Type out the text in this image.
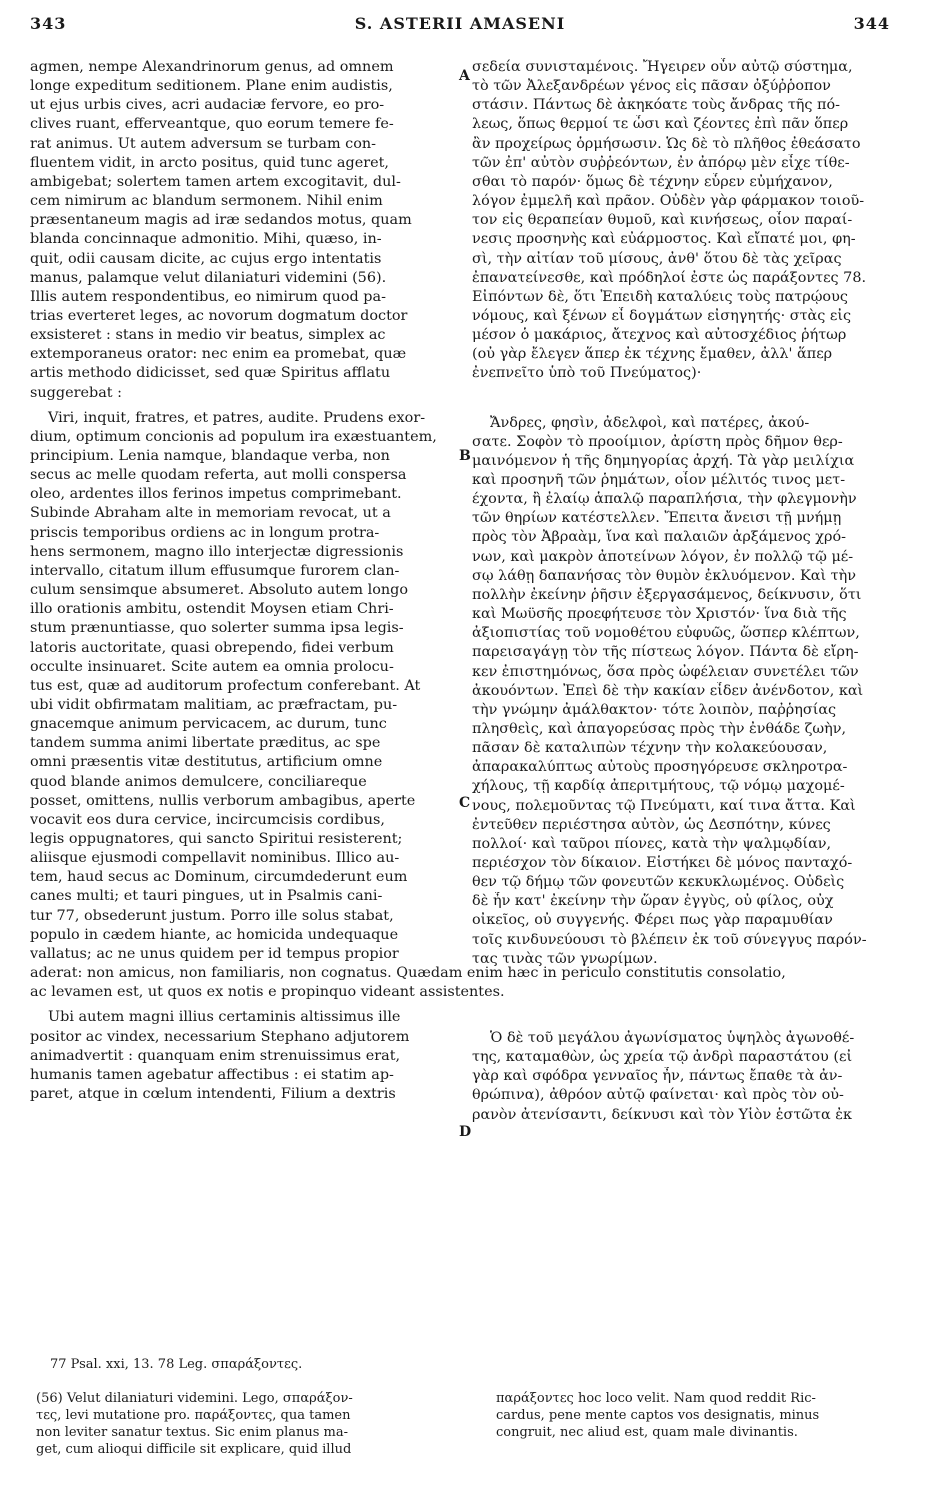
343	S. ASTERII AMASENI	344
agmen, nempe Alexandrinorum genus, ad omnem
longe expeditum seditionem. Plane enim audistis,
ut ejus urbis cives, acri audaciæ fervore, eo pro-
clives ruant, efferveantque, quo eorum temere fe-
rat animus. Ut autem adversum se turbam con-
fluentem vidit, in arcto positus, quid tunc ageret,
ambigebat; solertem tamen artem excogitavit, dul-
cem nimirum ac blandum sermonem. Nihil enim
præsentaneum magis ad iræ sedandos motus, quam
blanda concinnaque admonitio. Mihi, quæso, in-
quit, odii causam dicite, ac cujus ergo intentatis
manus, palamque velut dilaniaturi videmini (56).
Illis autem respondentibus, eo nimirum quod pa-
trias everteret leges, ac novorum dogmatum doctor
exsisteret : stans in medio vir beatus, simplex ac
extemporaneus orator: nec enim ea promebat, quæ
artis methodo didicisset, sed quæ Spiritus afflatu
suggerebat :
Viri, inquit, fratres, et patres, audite. Prudens exor-
dium, optimum concionis ad populum ira exæstuantem,
principium. Lenia namque, blandaque verba, non
secus ac melle quodam referta, aut molli conspersa
oleo, ardentes illos ferinos impetus comprimebant.
Subinde Abraham alte in memoriam revocat, ut a
priscis temporibus ordiens ac in longum protra-
hens sermonem, magno illo interjectæ digressionis
intervallo, citatum illum effusumque furorem clan-
culum sensimque absumeret. Absoluto autem longo
illo orationis ambitu, ostendit Moysen etiam Chri-
stum prænuntiasse, quo solerter summa ipsa legis-
latoris auctoritate, quasi obrependo, fidei verbum
occulte insinuaret. Scite autem ea omnia prolocu-
tus est, quæ ad auditorum profectum conferebant. At
ubi vidit obfirmatam malitiam, ac præfractam, pu-
gnacemque animum pervicacem, ac durum, tunc
tandem summa animi libertate præditus, ac spe
omni præsentis vitæ destitutus, artificium omne
quod blande animos demulcere, conciliareque
posset, omittens, nullis verborum ambagibus, aperte
vocavit eos dura cervice, incircumcisis cordibus,
legis oppugnatores, qui sancto Spiritui resisterent;
aliisque ejusmodi compellavit nominibus. Illico au-
tem, haud secus ac Dominum, circumdederunt eum
canes multi; et tauri pingues, ut in Psalmis cani-
tur 77, obsederunt justum. Porro ille solus stabat,
populo in cædem hiante, ac homicida undequaque
vallatus; ac ne unus quidem per id tempus propior
aderat: non amicus, non familiaris, non cognatus. Quædam enim hæc in periculo constitutis consolatio,
ac levamen est, ut quos ex notis e propinquo videant assistentes.
Ubi autem magni illius certaminis altissimus ille
positor ac vindex, necessarium Stephano adjutorem
animadvertit : quanquam enim strenuissimus erat,
humanis tamen agebatur affectibus : ei statim ap-
paret, atque in cœlum intendenti, Filium a dextris
σεδεία συνισταμένοις. Ἤγειρεν οὖν αὐτῷ σύστημα,
τὸ τῶν Ἀλεξανδρέων γένος εἰς πᾶσαν ὀξύῤῥοπον
στάσιν. Πάντως δὲ ἀκηκόατε τοὺς ἄνδρας τῆς πό-
λεως, ὅπως θερμοί τε ὦσι καὶ ζέοντες ἐπὶ πᾶν ὅπερ
ἂν προχείρως ὁρμήσωσιν. Ὡς δὲ τὸ πλῆθος ἐθεάσατο
τῶν ἐπ' αὐτὸν συῤῥεόντων, ἐν ἀπόρῳ μὲν εἶχε τίθε-
σθαι τὸ παρόν· ὅμως δὲ τέχνην εὗρεν εὐμήχανον,
λόγον ἐμμελῆ καὶ πρᾶον. Οὐδὲν γὰρ φάρμακον τοιοῦ-
τον εἰς θεραπείαν θυμοῦ, καὶ κινήσεως, οἷον παραί-
νεσις προσηνὴς καὶ εὐάρμοστος. Καὶ εἴπατέ μοι, φη-
σὶ, τὴν αἰτίαν τοῦ μίσους, ἀνθ' ὅτου δὲ τὰς χεῖρας
ἐπανατείνεσθε, καὶ πρόδηλοί ἐστε ὡς παράξοντες 78.
Εἰπόντων δὲ, ὅτι Ἐπειδὴ καταλύεις τοὺς πατρῴους
νόμους, καὶ ξένων εἶ δογμάτων εἰσηγητής· στὰς εἰς
μέσον ὁ μακάριος, ἄτεχνος καὶ αὐτοσχέδιος ῥήτωρ
(οὐ γὰρ ἔλεγεν ἅπερ ἐκ τέχνης ἔμαθεν, ἀλλ' ἅπερ
ἐνεπνεῖτο ὑπὸ τοῦ Πνεύματος)·
Ἄνδρες, φησὶν, ἀδελφοὶ, καὶ πατέρες, ἀκού-
σατε. Σοφὸν τὸ προοίμιον, ἀρίστη πρὸς δῆμον θερ-
μαινόμενον ἡ τῆς δημηγορίας ἀρχή. Τὰ γὰρ μειλίχια
καὶ προσηνῆ τῶν ῥημάτων, οἷον μέλιτός τινος μετ-
έχοντα, ἢ ἐλαίῳ ἁπαλῷ παραπλήσια, τὴν φλεγμονὴν
τῶν θηρίων κατέστελλεν. Ἔπειτα ἄνεισι τῇ μνήμῃ
πρὸς τὸν Ἀβραὰμ, ἵνα καὶ παλαιῶν ἀρξάμενος χρό-
νων, καὶ μακρὸν ἀποτείνων λόγον, ἐν πολλῷ τῷ μέ-
σῳ λάθῃ δαπανήσας τὸν θυμὸν ἐκλυόμενον. Καὶ τὴν
πολλὴν ἐκείνην ῥῆσιν ἐξεργασάμενος, δείκνυσιν, ὅτι
καὶ Μωϋσῆς προεφήτευσε τὸν Χριστόν· ἵνα διὰ τῆς
ἀξιοπιστίας τοῦ νομοθέτου εὐφυῶς, ὥσπερ κλέπτων,
παρεισαγάγῃ τὸν τῆς πίστεως λόγον. Πάντα δὲ εἴρη-
κεν ἐπιστημόνως, ὅσα πρὸς ὠφέλειαν συνετέλει τῶν
ἀκουόντων. Ἐπεὶ δὲ τὴν κακίαν εἶδεν ἀνένδοτον, καὶ
τὴν γνώμην ἀμάλθακτον· τότε λοιπὸν, παῤῥησίας
πλησθεὶς, καὶ ἀπαγορεύσας πρὸς τὴν ἐνθάδε ζωὴν,
πᾶσαν δὲ καταλιπὼν τέχνην τὴν κολακεύουσαν,
ἀπαρακαλύπτως αὐτοὺς προσηγόρευσε σκληροτρα-
χήλους, τῇ καρδίᾳ ἀπεριτμήτους, τῷ νόμῳ μαχομέ-
νους, πολεμοῦντας τῷ Πνεύματι, καί τινα ἄττα. Καὶ
ἐντεῦθεν περιέστησα αὐτὸν, ὡς Δεσπότην, κύνες
πολλοί· καὶ ταῦροι πίονες, κατὰ τὴν ψαλμῳδίαν,
περιέσχον τὸν δίκαιον. Εἱστήκει δὲ μόνος πανταχό-
θεν τῷ δήμῳ τῶν φονευτῶν κεκυκλωμένος. Οὐδεὶς
δὲ ἦν κατ' ἐκείνην τὴν ὥραν ἐγγὺς, οὐ φίλος, οὐχ
οἰκεῖος, οὐ συγγενής. Φέρει πως γὰρ παραμυθίαν
τοῖς κινδυνεύουσι τὸ βλέπειν ἐκ τοῦ σύνεγγυς παρόν-
τας τινὰς τῶν γνωρίμων.
Ὁ δὲ τοῦ μεγάλου ἀγωνίσματος ὑψηλὸς ἀγωνοθέ-
της, καταμαθὼν, ὡς χρεία τῷ ἀνδρὶ παραστάτου (εἰ
γὰρ καὶ σφόδρα γενναῖος ἦν, πάντως ἔπαθε τὰ ἀν-
θρώπινα), ἀθρόον αὐτῷ φαίνεται· καὶ πρὸς τὸν οὐ-
ρανὸν ἀτενίσαντι, δείκνυσι καὶ τὸν Υἱὸν ἑστῶτα ἐκ
A
B
C
D
77 Psal. xxi, 13. 78 Leg. σπαράξοντες.
(56) Velut dilaniaturi videmini. Lego, σπαράξον-
τες, levi mutatione pro. παράξοντες, qua tamen
non leviter sanatur textus. Sic enim planus ma-
get, cum alioqui difficile sit explicare, quid illud
παράξοντες hoc loco velit. Nam quod reddit Ric-
cardus, pene mente captos vos designatis, minus
congruit, nec aliud est, quam male divinantis.
